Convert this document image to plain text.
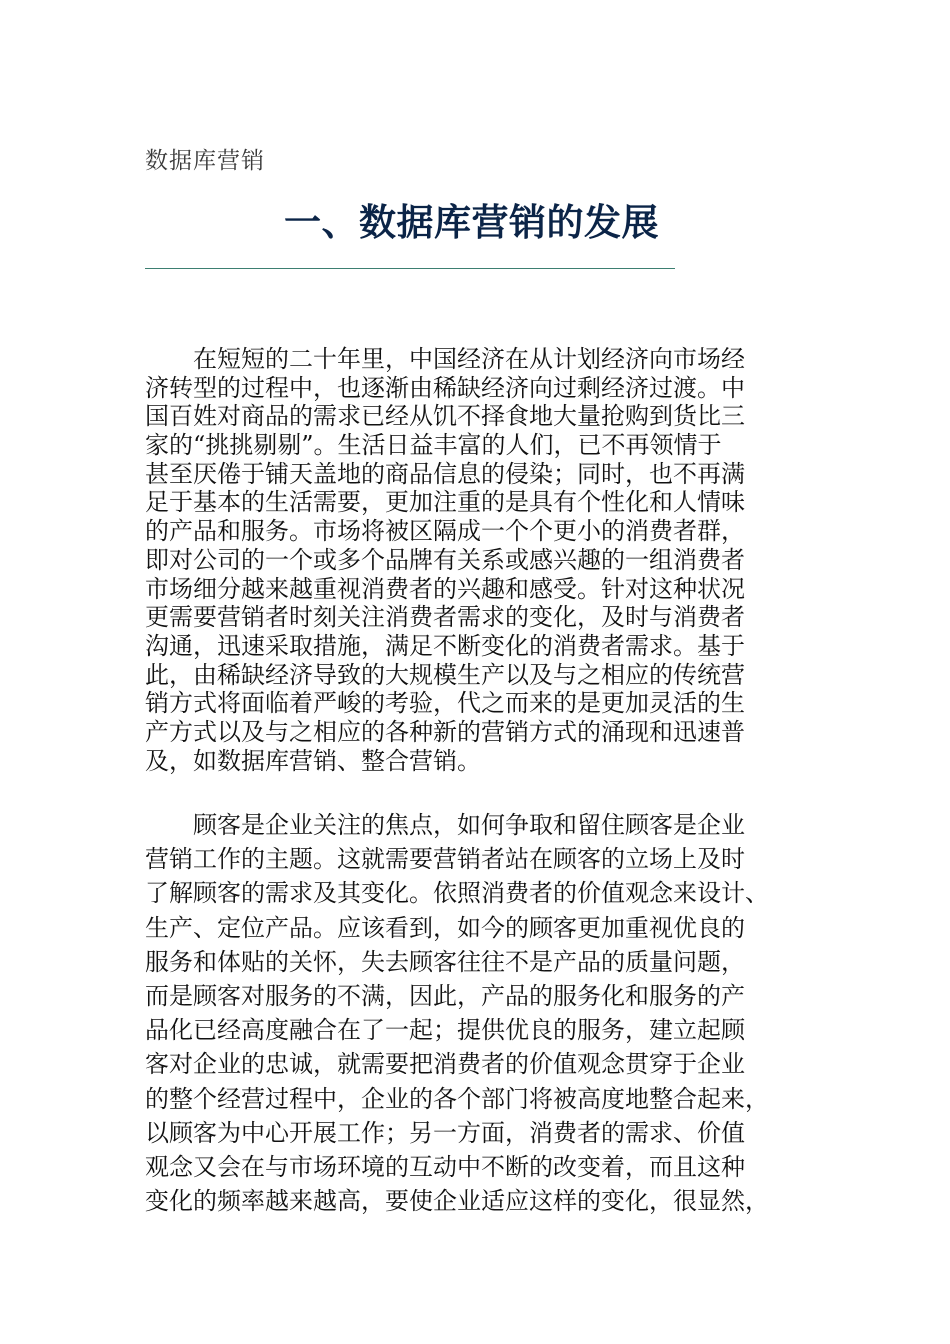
数据库营销
一、数据库营销的发展
　　在短短的二十年里，中国经济在从计划经济向市场经
济转型的过程中，也逐渐由稀缺经济向过剩经济过渡。中
国百姓对商品的需求已经从饥不择食地大量抢购到货比三
家的“挑挑剔剔”。生活日益丰富的人们，已不再领情于
甚至厌倦于铺天盖地的商品信息的侵染；同时，也不再满
足于基本的生活需要，更加注重的是具有个性化和人情味
的产品和服务。市场将被区隔成一个个更小的消费者群，
即对公司的一个或多个品牌有关系或感兴趣的一组消费者
市场细分越来越重视消费者的兴趣和感受。针对这种状况
更需要营销者时刻关注消费者需求的变化，及时与消费者
沟通，迅速采取措施，满足不断变化的消费者需求。基于
此，由稀缺经济导致的大规模生产以及与之相应的传统营
销方式将面临着严峻的考验，代之而来的是更加灵活的生
产方式以及与之相应的各种新的营销方式的涌现和迅速普
及，如数据库营销、整合营销。
　　顾客是企业关注的焦点，如何争取和留住顾客是企业
营销工作的主题。这就需要营销者站在顾客的立场上及时
了解顾客的需求及其变化。依照消费者的价值观念来设计、
生产、定位产品。应该看到，如今的顾客更加重视优良的
服务和体贴的关怀，失去顾客往往不是产品的质量问题，
而是顾客对服务的不满，因此，产品的服务化和服务的产
品化已经高度融合在了一起；提供优良的服务，建立起顾
客对企业的忠诚，就需要把消费者的价值观念贯穿于企业
的整个经营过程中，企业的各个部门将被高度地整合起来，
以顾客为中心开展工作；另一方面，消费者的需求、价值
观念又会在与市场环境的互动中不断的改变着，而且这种
变化的频率越来越高，要使企业适应这样的变化，很显然，
